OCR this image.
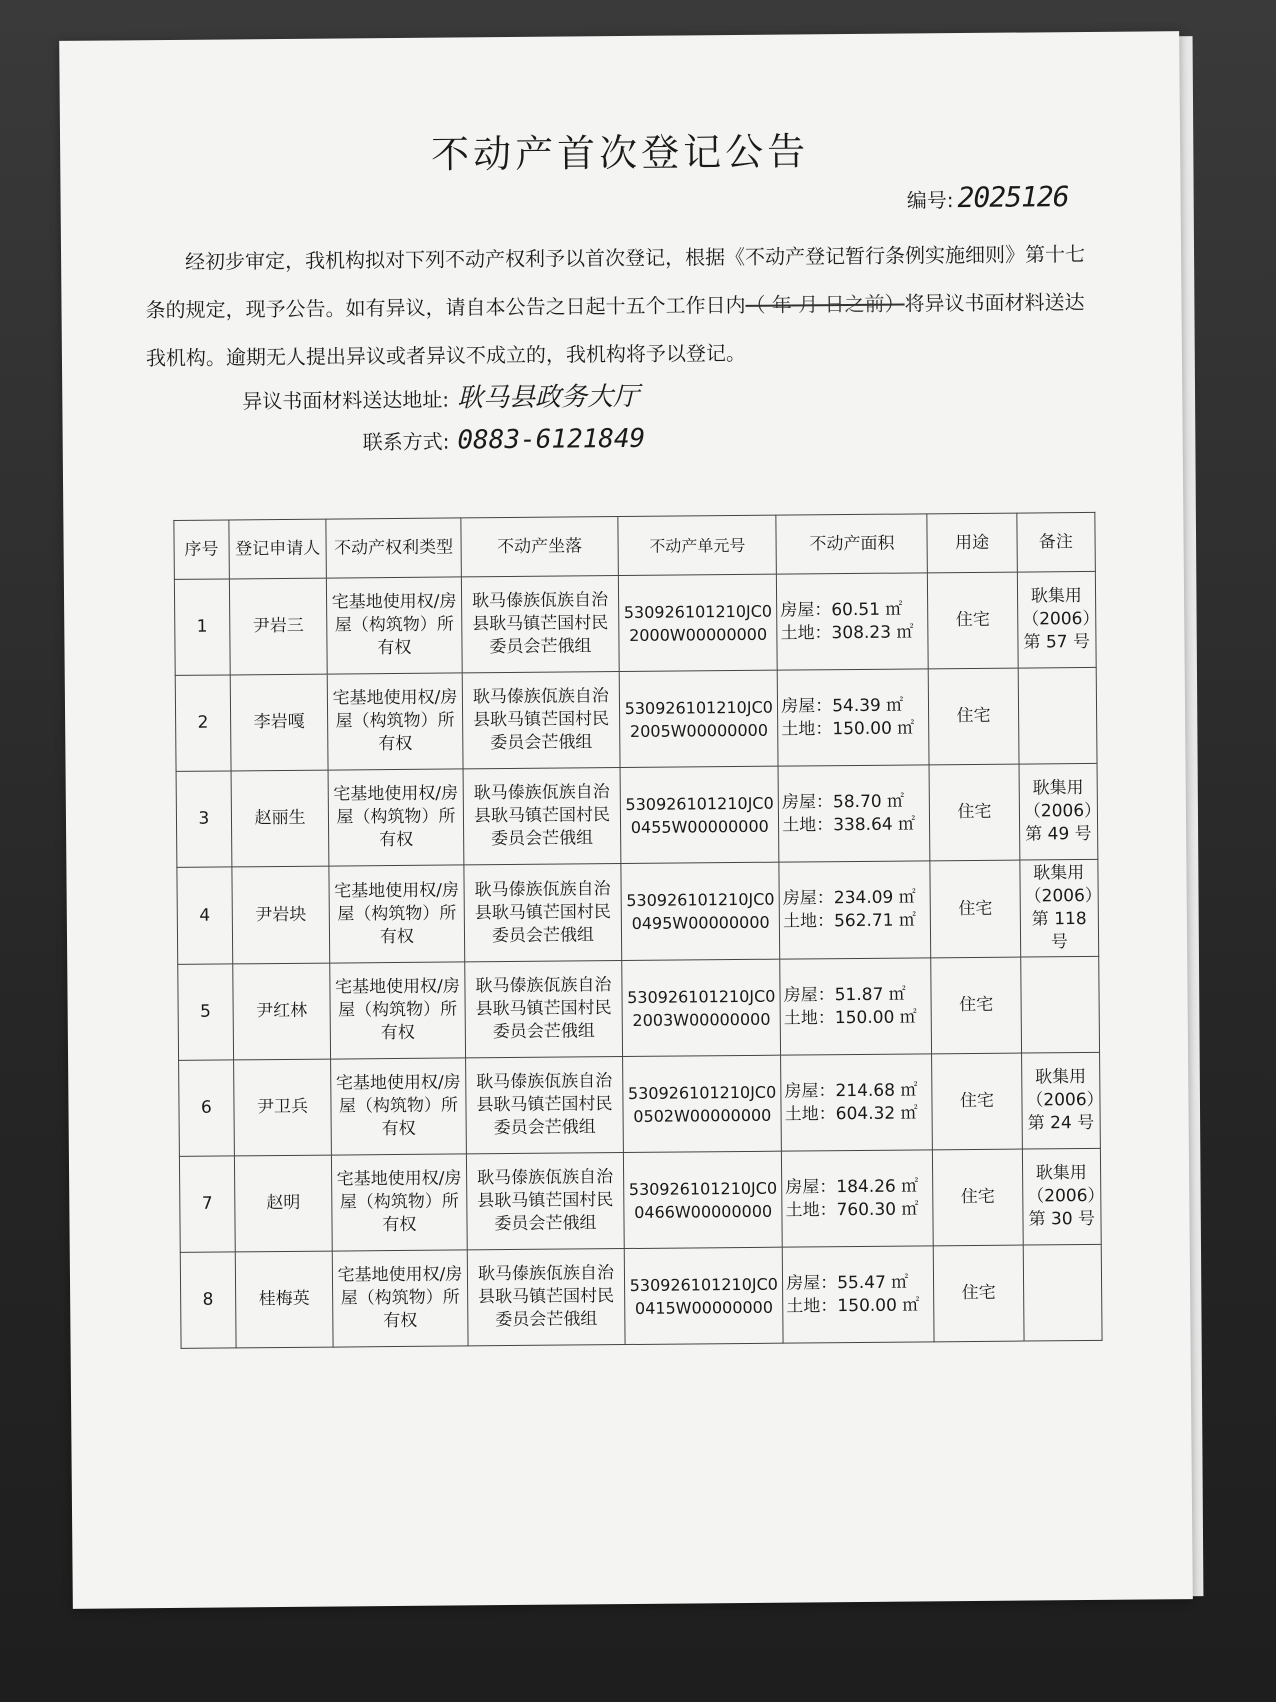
不动产首次登记公告
编号: 2025126
经初步审定，我机构拟对下列不动产权利予以首次登记，根据《不动产登记暂行条例实施细则》第十七条的规定，现予公告。如有异议，请自本公告之日起十五个工作日内（ 年 月 日之前）将异议书面材料送达我机构。逾期无人提出异议或者异议不成立的，我机构将予以登记。
异议书面材料送达地址: 耿马县政务大厅
联系方式: 0883-6121849
序号	登记申请人	不动产权利类型	不动产坐落	不动产单元号	不动产面积	用途	备注
1	尹岩三	宅基地使用权/房屋（构筑物）所有权	耿马傣族佤族自治县耿马镇芒国村民委员会芒俄组	530926101210JC02000W00000000	房屋：60.51 ㎡
土地：308.23 ㎡	住宅	耿集用（2006）第 57 号
2	李岩嘎	宅基地使用权/房屋（构筑物）所有权	耿马傣族佤族自治县耿马镇芒国村民委员会芒俄组	530926101210JC02005W00000000	房屋：54.39 ㎡
土地：150.00 ㎡	住宅	
3	赵丽生	宅基地使用权/房屋（构筑物）所有权	耿马傣族佤族自治县耿马镇芒国村民委员会芒俄组	530926101210JC00455W00000000	房屋：58.70 ㎡
土地：338.64 ㎡	住宅	耿集用（2006）第 49 号
4	尹岩块	宅基地使用权/房屋（构筑物）所有权	耿马傣族佤族自治县耿马镇芒国村民委员会芒俄组	530926101210JC00495W00000000	房屋：234.09 ㎡
土地：562.71 ㎡	住宅	耿集用（2006）第 118 号
5	尹红林	宅基地使用权/房屋（构筑物）所有权	耿马傣族佤族自治县耿马镇芒国村民委员会芒俄组	530926101210JC02003W00000000	房屋：51.87 ㎡
土地：150.00 ㎡	住宅	
6	尹卫兵	宅基地使用权/房屋（构筑物）所有权	耿马傣族佤族自治县耿马镇芒国村民委员会芒俄组	530926101210JC00502W00000000	房屋：214.68 ㎡
土地：604.32 ㎡	住宅	耿集用（2006）第 24 号
7	赵明	宅基地使用权/房屋（构筑物）所有权	耿马傣族佤族自治县耿马镇芒国村民委员会芒俄组	530926101210JC00466W00000000	房屋：184.26 ㎡
土地：760.30 ㎡	住宅	耿集用（2006）第 30 号
8	桂梅英	宅基地使用权/房屋（构筑物）所有权	耿马傣族佤族自治县耿马镇芒国村民委员会芒俄组	530926101210JC00415W00000000	房屋：55.47 ㎡
土地：150.00 ㎡	住宅	
